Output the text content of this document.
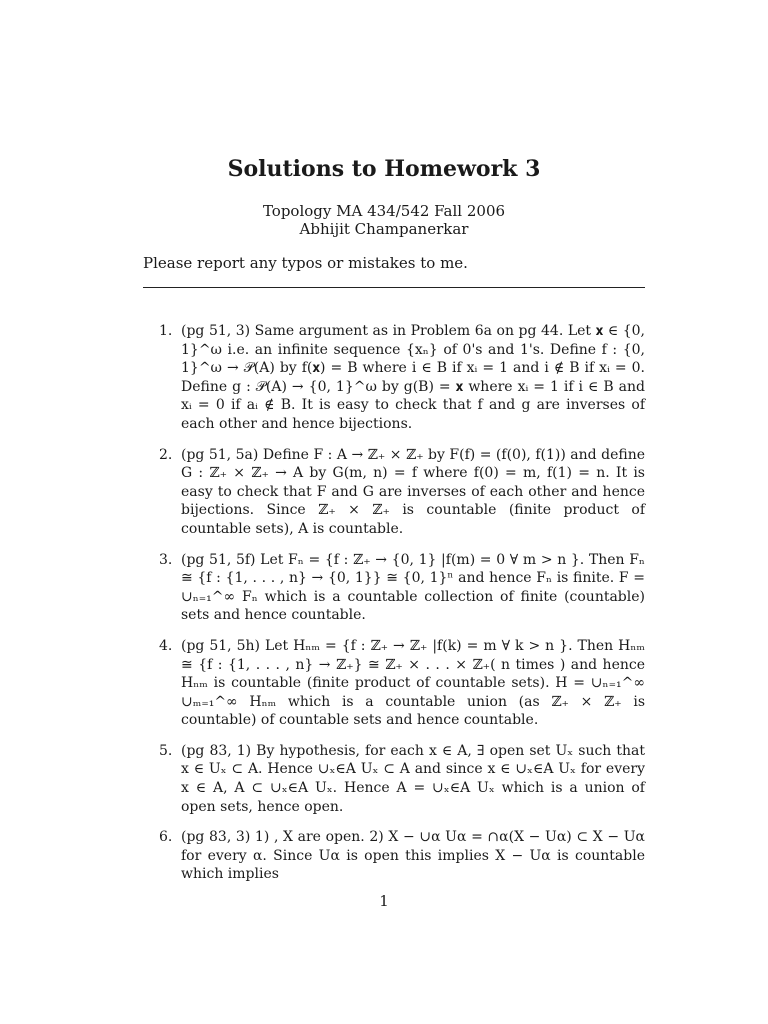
Solutions to Homework 3
Topology MA 434/542 Fall 2006
Abhijit Champanerkar
Please report any typos or mistakes to me.
1. (pg 51, 3) Same argument as in Problem 6a on pg 44. Let 𝐱 ∈ {0, 1}^ω i.e. an infinite sequence {xₙ} of 0's and 1's. Define f : {0, 1}^ω → 𝒫(A) by f(𝐱) = B where i ∈ B if xᵢ = 1 and i ∉ B if xᵢ = 0. Define g : 𝒫(A) → {0, 1}^ω by g(B) = 𝐱 where xᵢ = 1 if i ∈ B and xᵢ = 0 if aᵢ ∉ B. It is easy to check that f and g are inverses of each other and hence bijections.
2. (pg 51, 5a) Define F : A → ℤ₊ × ℤ₊ by F(f) = (f(0), f(1)) and define G : ℤ₊ × ℤ₊ → A by G(m, n) = f where f(0) = m, f(1) = n. It is easy to check that F and G are inverses of each other and hence bijections. Since ℤ₊ × ℤ₊ is countable (finite product of countable sets), A is countable.
3. (pg 51, 5f) Let Fₙ = {f : ℤ₊ → {0, 1} |f(m) = 0 ∀ m > n }. Then Fₙ ≅ {f : {1, . . . , n} → {0, 1}} ≅ {0, 1}ⁿ and hence Fₙ is finite. F = ∪ₙ₌₁^∞ Fₙ which is a countable collection of finite (countable) sets and hence countable.
4. (pg 51, 5h) Let Hₙₘ = {f : ℤ₊ → ℤ₊ |f(k) = m ∀ k > n }. Then Hₙₘ ≅ {f : {1, . . . , n} → ℤ₊} ≅ ℤ₊ × . . . × ℤ₊( n times ) and hence Hₙₘ is countable (finite product of countable sets). H = ∪ₙ₌₁^∞ ∪ₘ₌₁^∞ Hₙₘ which is a countable union (as ℤ₊ × ℤ₊ is countable) of countable sets and hence countable.
5. (pg 83, 1) By hypothesis, for each x ∈ A, ∃ open set Uₓ such that x ∈ Uₓ ⊂ A. Hence ∪ₓ∈A Uₓ ⊂ A and since x ∈ ∪ₓ∈A Uₓ for every x ∈ A, A ⊂ ∪ₓ∈A Uₓ. Hence A = ∪ₓ∈A Uₓ which is a union of open sets, hence open.
6. (pg 83, 3) 1) , X are open. 2) X − ∪α Uα = ∩α(X − Uα) ⊂ X − Uα for every α. Since Uα is open this implies X − Uα is countable which implies
1
